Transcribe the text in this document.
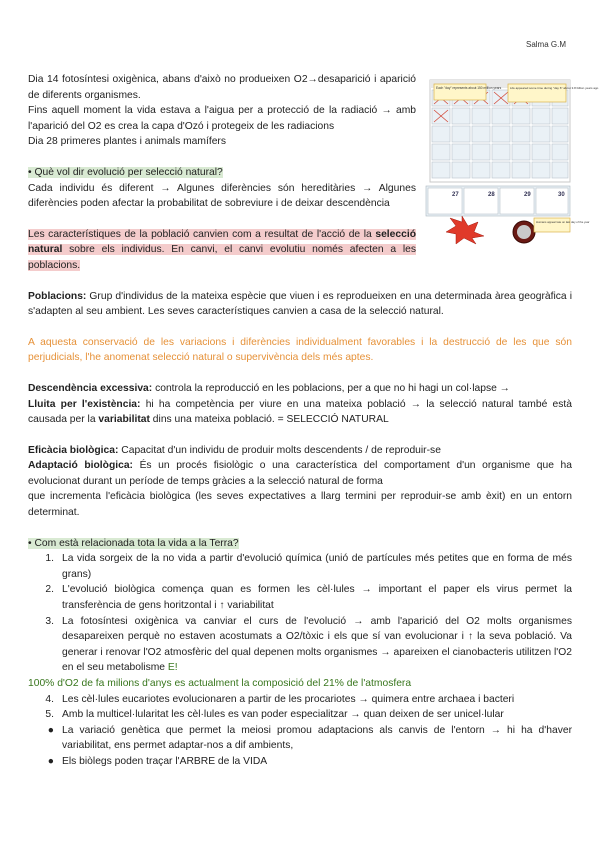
Salma G.M
Each "day" represents about 150 million years	Life appeared some time during "day 6" about 3.8 billion years ago
27	28	29	30
Humans appear late on last day of the year

Dia 14 fotosíntesi oxigènica, abans d'això no produeixen O2→desaparició i aparició de diferents organismes.

Fins aquell moment la vida estava a l'aigua per a protecció de la radiació → amb l'aparició del O2 es crea la capa d'Ozó i protegeix de les radiacions

Dia 28 primeres plantes i animals mamífers

• Què vol dir evolució per selecció natural?

Cada individu és diferent → Algunes diferències són hereditàries → Algunes diferències poden afectar la probabilitat de sobreviure i de deixar descendència

Les característiques de la població canvien com a resultat de l'acció de la selecció natural sobre els individus. En canvi, el canvi evolutiu només afecten a les poblacions.

Poblacions: Grup d'individus de la mateixa espècie que viuen i es reprodueixen en una determinada àrea geogràfica i s'adapten al seu ambient. Les seves característiques canvien a casa de la selecció natural.

A aquesta conservació de les variacions i diferències individualment favorables i la destrucció de les que són perjudicials, l'he anomenat selecció natural o supervivència dels més aptes.

Descendència excessiva: controla la reproducció en les poblacions, per a que no hi hagi un col·lapse →

Lluita per l'existència: hi ha competència per viure en una mateixa població → la selecció natural també està causada per la variabilitat dins una mateixa població. = SELECCIÓ NATURAL

Eficàcia biològica: Capacitat d'un individu de produir molts descendents / de reproduir-se

Adaptació biològica: És un procés fisiològic o una característica del comportament d'un organisme que ha evolucionat durant un període de temps gràcies a la selecció natural de forma

que incrementa l'eficàcia biològica (les seves expectatives a llarg termini per reproduir-se amb èxit) en un entorn determinat.

• Com està relacionada tota la vida a la Terra?

1. La vida sorgeix de la no vida a partir d'evolució química (unió de partícules més petites que en forma de més grans)
2. L'evolució biològica comença quan es formen les cèl·lules → important el paper els virus permet la transferència de gens horitzontal i ↑ variabilitat
3. La fotosíntesi oxigènica va canviar el curs de l'evolució → amb l'aparició del O2 molts organismes desapareixen perquè no estaven acostumats a O2/tòxic i els que sí van evolucionar i ↑ la seva població. Va generar i renovar l'O2 atmosfèric del qual depenen molts organismes → apareixen el cianobacteris utilitzen l'O2 en el seu metabolisme E!

100% d'O2 de fa milions d'anys es actualment la composició del 21% de l'atmosfera

4. Les cèl·lules eucariotes evolucionaren a partir de les procariotes → quimera entre archaea i bacteri
5. Amb la multicel·lularitat les cèl·lules es van poder especialitzar → quan deixen de ser unicel·lular
● La variació genètica que permet la meiosi promou adaptacions als canvis de l'entorn → hi ha d'haver variabilitat, ens permet adaptar-nos a dif ambients,
● Els biòlegs poden traçar l'ARBRE de la VIDA
